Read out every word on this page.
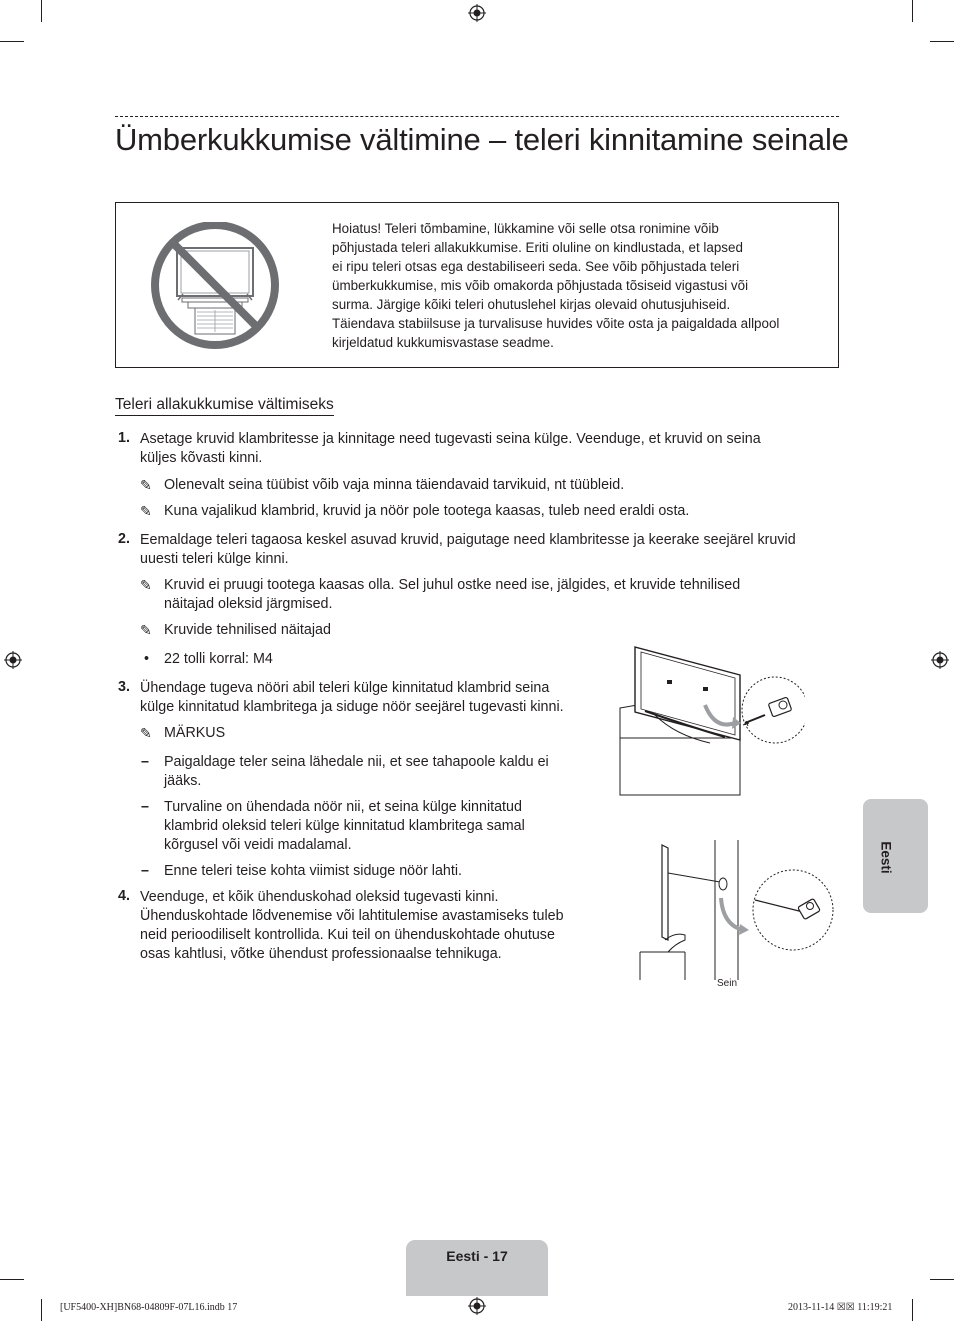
Ümberkukkumise vältimine – teleri kinnitamine seinale
Hoiatus! Teleri tõmbamine, lükkamine või selle otsa ronimine võib
põhjustada teleri allakukkumise. Eriti oluline on kindlustada, et lapsed
ei ripu teleri otsas ega destabiliseeri seda. See võib põhjustada teleri
ümberkukkumise, mis võib omakorda põhjustada tõsiseid vigastusi või
surma. Järgige kõiki teleri ohutuslehel kirjas olevaid ohutusjuhiseid.
Täiendava stabiilsuse ja turvalisuse huvides võite osta ja paigaldada allpool
kirjeldatud kukkumisvastase seadme.
Teleri allakukkumise vältimiseks
1. Asetage kruvid klambritesse ja kinnitage need tugevasti seina külge. Veenduge, et kruvid on seina
küljes kõvasti kinni.
✎ Olenevalt seina tüübist võib vaja minna täiendavaid tarvikuid, nt tüübleid.
✎ Kuna vajalikud klambrid, kruvid ja nöör pole tootega kaasas, tuleb need eraldi osta.
2. Eemaldage teleri tagaosa keskel asuvad kruvid, paigutage need klambritesse ja keerake seejärel kruvid
uuesti teleri külge kinni.
✎ Kruvid ei pruugi tootega kaasas olla. Sel juhul ostke need ise, jälgides, et kruvide tehnilised
näitajad oleksid järgmised.
✎ Kruvide tehnilised näitajad
• 22 tolli korral: M4
3. Ühendage tugeva nööri abil teleri külge kinnitatud klambrid seina
külge kinnitatud klambritega ja siduge nöör seejärel tugevasti kinni.
✎ MÄRKUS
– Paigaldage teler seina lähedale nii, et see tahapoole kaldu ei
jääks.
– Turvaline on ühendada nöör nii, et seina külge kinnitatud
klambrid oleksid teleri külge kinnitatud klambritega samal
kõrgusel või veidi madalamal.
– Enne teleri teise kohta viimist siduge nöör lahti.
4. Veenduge, et kõik ühenduskohad oleksid tugevasti kinni.
Ühenduskohtade lõdvenemise või lahtitulemise avastamiseks tuleb
neid perioodiliselt kontrollida. Kui teil on ühenduskohtade ohutuse
osas kahtlusi, võtke ühendust professionaalse tehnikuga.
Sein
Eesti
Eesti - 17
[UF5400-XH]BN68-04809F-07L16.indb 17	2013-11-14 ☒☒ 11:19:21
